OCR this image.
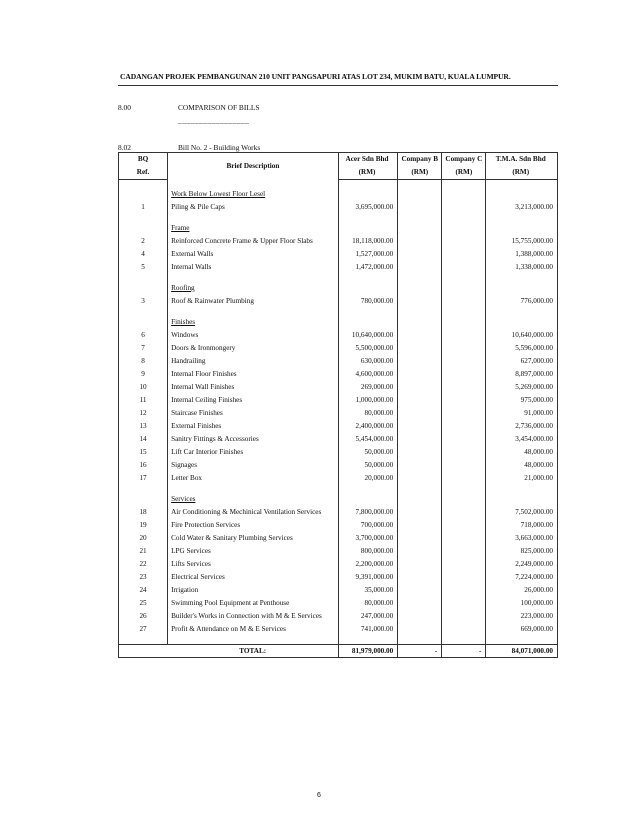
CADANGAN PROJEK PEMBANGUNAN 210 UNIT PANGSAPURI ATAS LOT 234, MUKIM BATU, KUALA LUMPUR.
8.00	COMPARISON OF BILLS
_________________
8.02	Bill No. 2 - Building Works
BQ	Brief Description	Acer Sdn Bhd	Company B	Company C	T.M.A. Sdn Bhd
Ref.		(RM)	(RM)	(RM)	(RM)

	Work Below Lowest Floor Lesel				
1	Piling & Pile Caps	3,695,000.00			3,213,000.00

	Frame				
2	Reinforced Concrete Frame & Upper Floor Slabs	18,118,000.00			15,755,000.00
4	External Walls	1,527,000.00			1,388,000.00
5	Internal Walls	1,472,000.00			1,338,000.00

	Roofing				
3	Roof & Rainwater Plumbing	780,000.00			776,000.00

	Finishes				
6	Windows	10,640,000.00			10,640,000.00
7	Doors & Ironmongery	5,500,000.00			5,596,000.00
8	Handrailing	630,000.00			627,000.00
9	Internal Floor Finishes	4,600,000.00			8,897,000.00
10	Internal Wall Finishes	269,000.00			5,269,000.00
11	Internal Ceiling Finishes	1,000,000.00			975,000.00
12	Staircase Finishes	80,000.00			91,000.00
13	External Finishes	2,400,000.00			2,736,000.00
14	Sanitry Fittings & Accessories	5,454,000.00			3,454,000.00
15	Lift Car Interior Finishes	50,000.00			48,000.00
16	Signages	50,000.00			48,000.00
17	Letter Box	20,000.00			21,000.00

	Services				
18	Air Conditioning & Mechinical Ventilation Services	7,800,000.00			7,502,000.00
19	Fire Protection Services	700,000.00			718,000.00
20	Cold Water & Sanitary Plumbing Services	3,700,000.00			3,663,000.00
21	LPG Services	800,000.00			825,000.00
22	Lifts Services	2,200,000.00			2,249,000.00
23	Electrical Services	9,391,000.00			7,224,000.00
24	Irrigation	35,000.00			26,000.00
25	Swimming Pool Equipment at Penthouse	80,000.00			100,000.00
26	Builder's Works in Connection with M & E Services	247,000.00			223,000.00
27	Profit & Attendance on M & E Services	741,000.00			669,000.00

	TOTAL:	81,979,000.00	-	-	84,071,000.00
6
